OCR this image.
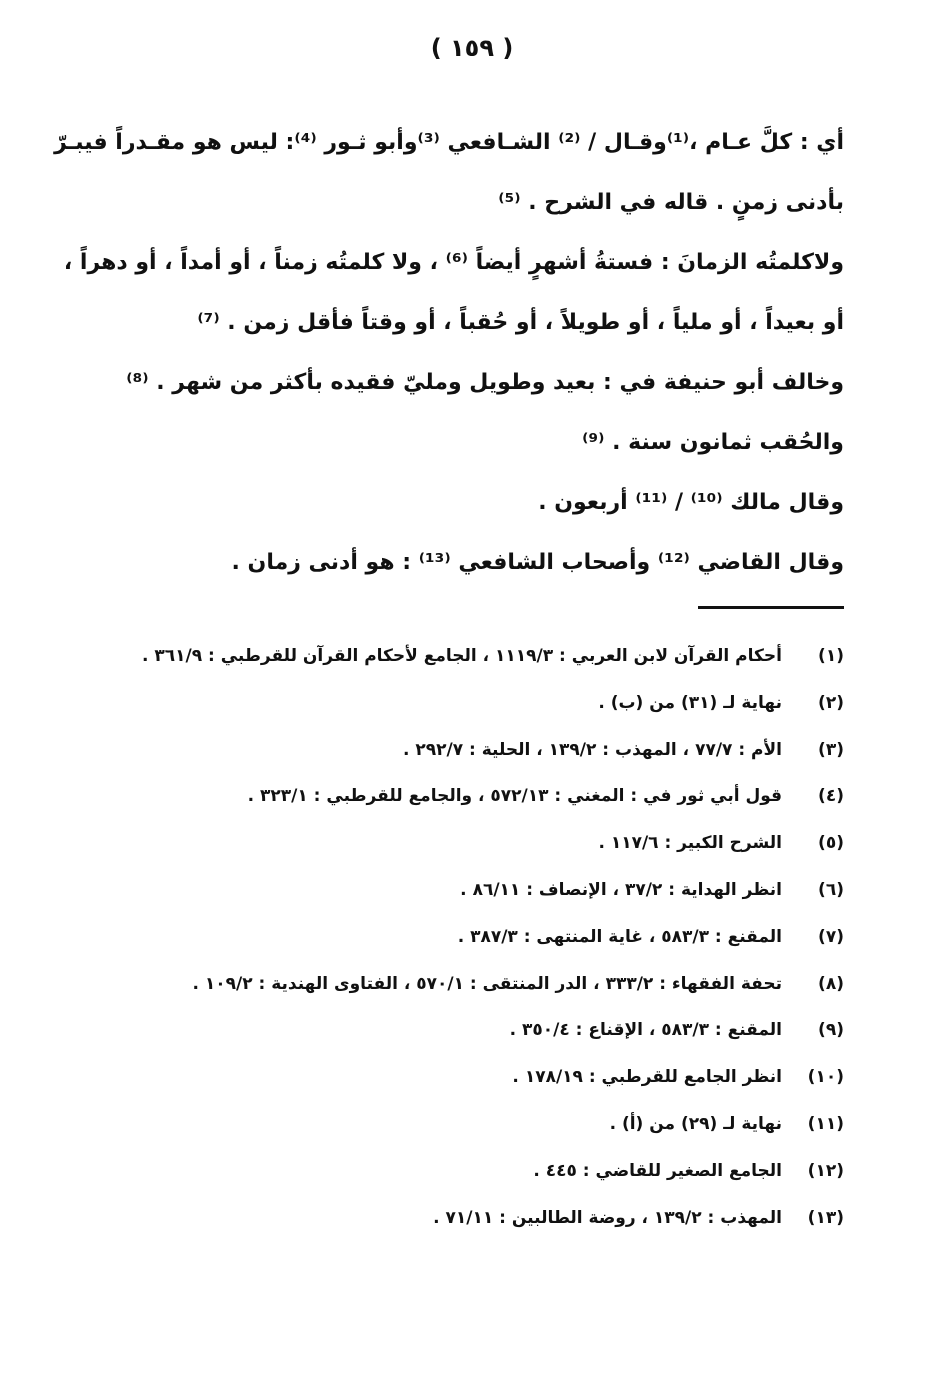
( ١٥٩ )
أي : كلَّ عـام ،⁽¹⁾وقـال / ⁽²⁾ الشـافعي ⁽³⁾وأبو ثـور ⁽⁴⁾: ليس هو مقـدراً فيبـرّ
بأدنى زمنٍ . قاله في الشرح . ⁽⁵⁾
ولاكلمتُه الزمانَ : فستةُ أشهرٍ أيضاً ⁽⁶⁾ ، ولا كلمتُه زمناً ، أو أمداً ، أو دهراً ،
أو بعيداً ، أو ملياً ، أو طويلاً ، أو حُقباً ، أو وقتاً فأقل زمن . ⁽⁷⁾
وخالف أبو حنيفة في : بعيد وطويل ومليّ فقيده بأكثر من شهر . ⁽⁸⁾
والحُقب ثمانون سنة . ⁽⁹⁾
وقال مالك ⁽¹⁰⁾ / ⁽¹¹⁾ أربعون .
وقال القاضي ⁽¹²⁾ وأصحاب الشافعي ⁽¹³⁾ : هو أدنى زمان .
(١)
أحكام القرآن لابن العربي : ١١١٩/٣ ، الجامع لأحكام القرآن للقرطبي : ٣٦١/٩ .
(٢)
نهاية لـ (٣١) من (ب) .
(٣)
الأم : ٧٧/٧ ، المهذب : ١٣٩/٢ ، الحلية : ٢٩٢/٧ .
(٤)
قول أبي ثور في : المغني : ٥٧٢/١٣ ، والجامع للقرطبي : ٣٢٣/١ .
(٥)
الشرح الكبير : ١١٧/٦ .
(٦)
انظر الهداية : ٣٧/٢ ، الإنصاف : ٨٦/١١ .
(٧)
المقنع : ٥٨٣/٣ ، غاية المنتهى : ٣٨٧/٣ .
(٨)
تحفة الفقهاء : ٣٣٣/٢ ، الدر المنتقى : ٥٧٠/١ ، الفتاوى الهندية : ١٠٩/٢ .
(٩)
المقنع : ٥٨٣/٣ ، الإقناع : ٣٥٠/٤ .
(١٠)
انظر الجامع للقرطبي : ١٧٨/١٩ .
(١١)
نهاية لـ (٢٩) من (أ) .
(١٢)
الجامع الصغير للقاضي : ٤٤٥ .
(١٣)
المهذب : ١٣٩/٢ ، روضة الطالبين : ٧١/١١ .
